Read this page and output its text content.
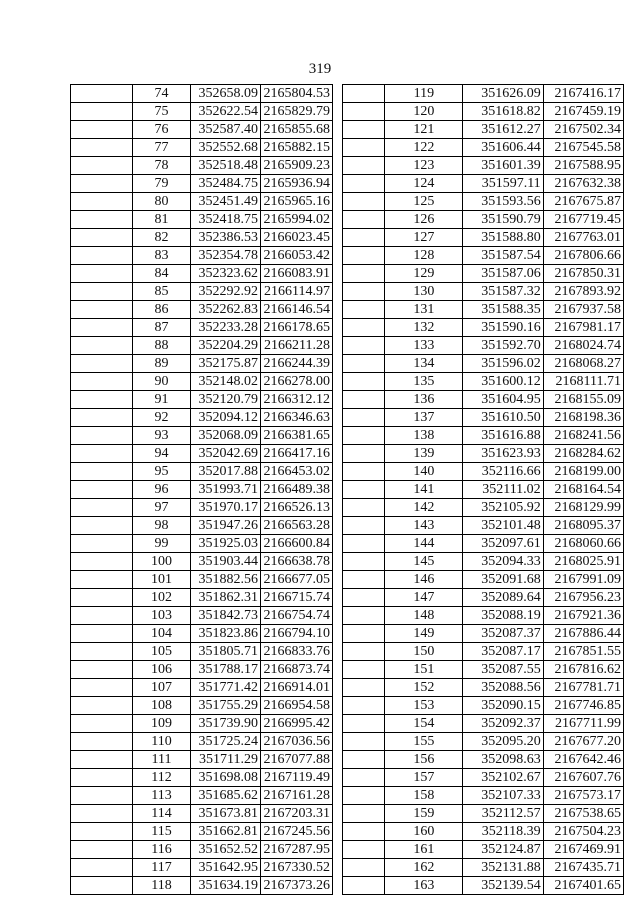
319
	74	352658.09	2165804.53
	75	352622.54	2165829.79
	76	352587.40	2165855.68
	77	352552.68	2165882.15
	78	352518.48	2165909.23
	79	352484.75	2165936.94
	80	352451.49	2165965.16
	81	352418.75	2165994.02
	82	352386.53	2166023.45
	83	352354.78	2166053.42
	84	352323.62	2166083.91
	85	352292.92	2166114.97
	86	352262.83	2166146.54
	87	352233.28	2166178.65
	88	352204.29	2166211.28
	89	352175.87	2166244.39
	90	352148.02	2166278.00
	91	352120.79	2166312.12
	92	352094.12	2166346.63
	93	352068.09	2166381.65
	94	352042.69	2166417.16
	95	352017.88	2166453.02
	96	351993.71	2166489.38
	97	351970.17	2166526.13
	98	351947.26	2166563.28
	99	351925.03	2166600.84
	100	351903.44	2166638.78
	101	351882.56	2166677.05
	102	351862.31	2166715.74
	103	351842.73	2166754.74
	104	351823.86	2166794.10
	105	351805.71	2166833.76
	106	351788.17	2166873.74
	107	351771.42	2166914.01
	108	351755.29	2166954.58
	109	351739.90	2166995.42
	110	351725.24	2167036.56
	111	351711.29	2167077.88
	112	351698.08	2167119.49
	113	351685.62	2167161.28
	114	351673.81	2167203.31
	115	351662.81	2167245.56
	116	351652.52	2167287.95
	117	351642.95	2167330.52
	118	351634.19	2167373.26
	119	351626.09	2167416.17
	120	351618.82	2167459.19
	121	351612.27	2167502.34
	122	351606.44	2167545.58
	123	351601.39	2167588.95
	124	351597.11	2167632.38
	125	351593.56	2167675.87
	126	351590.79	2167719.45
	127	351588.80	2167763.01
	128	351587.54	2167806.66
	129	351587.06	2167850.31
	130	351587.32	2167893.92
	131	351588.35	2167937.58
	132	351590.16	2167981.17
	133	351592.70	2168024.74
	134	351596.02	2168068.27
	135	351600.12	2168111.71
	136	351604.95	2168155.09
	137	351610.50	2168198.36
	138	351616.88	2168241.56
	139	351623.93	2168284.62
	140	352116.66	2168199.00
	141	352111.02	2168164.54
	142	352105.92	2168129.99
	143	352101.48	2168095.37
	144	352097.61	2168060.66
	145	352094.33	2168025.91
	146	352091.68	2167991.09
	147	352089.64	2167956.23
	148	352088.19	2167921.36
	149	352087.37	2167886.44
	150	352087.17	2167851.55
	151	352087.55	2167816.62
	152	352088.56	2167781.71
	153	352090.15	2167746.85
	154	352092.37	2167711.99
	155	352095.20	2167677.20
	156	352098.63	2167642.46
	157	352102.67	2167607.76
	158	352107.33	2167573.17
	159	352112.57	2167538.65
	160	352118.39	2167504.23
	161	352124.87	2167469.91
	162	352131.88	2167435.71
	163	352139.54	2167401.65
